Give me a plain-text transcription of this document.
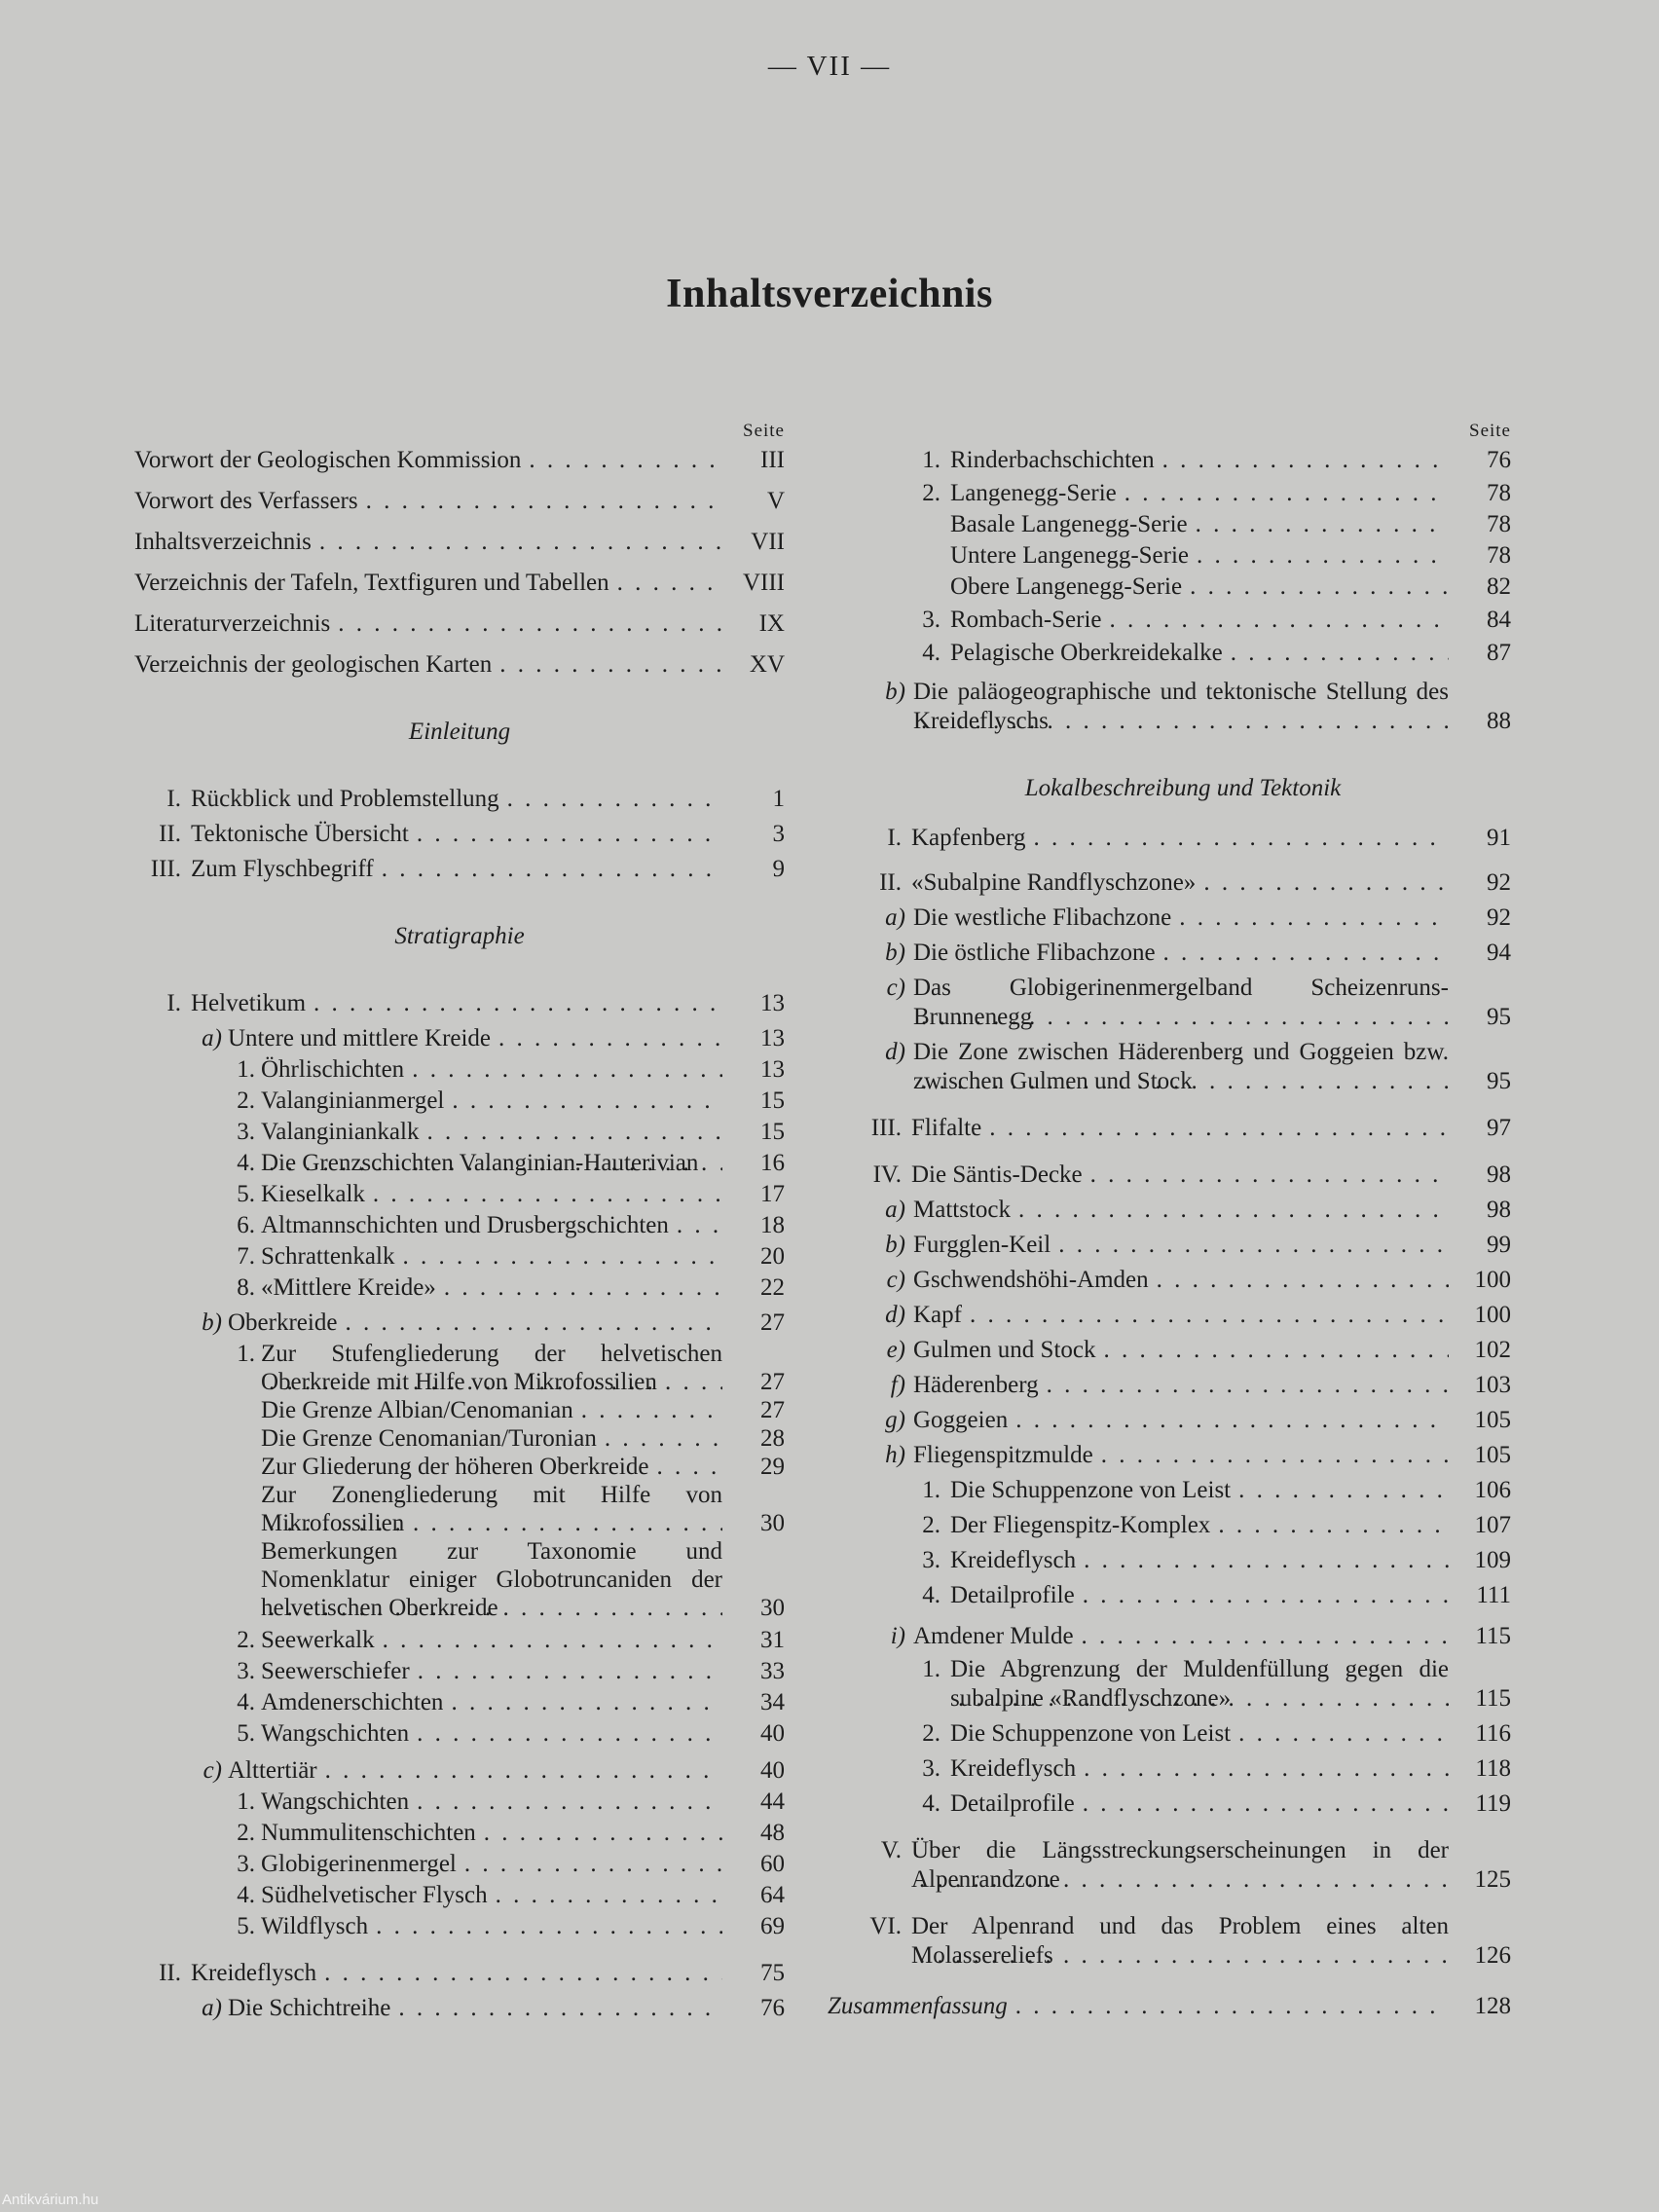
— VII —
Inhaltsverzeichnis
Seite
Vorwort der Geologischen Kommission . . .	III
Vorwort des Verfassers . . .	V
Inhaltsverzeichnis . . .	VII
Verzeichnis der Tafeln, Textfiguren und Tabellen . . .	VIII
Literaturverzeichnis . . .	IX
Verzeichnis der geologischen Karten . . .	XV
Einleitung
I. Rückblick und Problemstellung . . .	1
II. Tektonische Übersicht . . .	3
III. Zum Flyschbegriff . . .	9
Stratigraphie
I. Helvetikum . . .	13
a) Untere und mittlere Kreide . . .	13
1. Öhrlischichten . . .	13
2. Valanginianmergel . . .	15
3. Valanginiankalk . . .	15
4. Die Grenzschichten Valanginian-Hauterivian
. . .	16
5. Kieselkalk . . .	17
6. Altmannschichten und Drusbergschichten . . .	18
7. Schrattenkalk . . .	20
8. «Mittlere Kreide» . . .	22
b) Oberkreide . . .	27
1. Zur Stufengliederung der helvetischen Oberkreide mit Hilfe von Mikrofossilien
. . .	27
Die Grenze Albian/Cenomanian . . .	27
Die Grenze Cenomanian/Turonian . . .	28
Zur Gliederung der höheren Oberkreide . . .	29
Zur Zonengliederung mit Hilfe von Mikrofossilien
. . .	30
Bemerkungen zur Taxonomie und Nomenklatur einiger Globotruncaniden der helvetischen Oberkreide
. . .	30
2. Seewerkalk . . .	31
3. Seewerschiefer . . .	33
4. Amdenerschichten . . .	34
5. Wangschichten . . .	40
c) Alttertiär . . .	40
1. Wangschichten . . .	44
2. Nummulitenschichten . . .	48
3. Globigerinenmergel . . .	60
4. Südhelvetischer Flysch . . .	64
5. Wildflysch . . .	69
II. Kreideflysch . . .	75
a) Die Schichtreihe . . .	76
Seite
1. Rinderbachschichten . . .	76
2. Langenegg-Serie . . .	78
Basale Langenegg-Serie . . .	78
Untere Langenegg-Serie . . .	78
Obere Langenegg-Serie . . .	82
3. Rombach-Serie . . .	84
4. Pelagische Oberkreidekalke . . .	87
b) Die paläogeographische und tektonische Stellung des Kreideflyschs
. . .	88
Lokalbeschreibung und Tektonik
I. Kapfenberg . . .	91
II. «Subalpine Randflyschzone» . . .	92
a) Die westliche Flibachzone . . .	92
b) Die östliche Flibachzone . . .	94
c) Das Globigerinenmergelband Scheizenruns-Brunnenegg
. . .	95
d) Die Zone zwischen Häderenberg und Goggeien bzw. zwischen Gulmen und Stock
. . .	95
III. Flifalte . . .	97
IV. Die Säntis-Decke . . .	98
a) Mattstock . . .	98
b) Furgglen-Keil . . .	99
c) Gschwendshöhi-Amden . . .	100
d) Kapf . . .	100
e) Gulmen und Stock . . .	102
f) Häderenberg . . .	103
g) Goggeien . . .	105
h) Fliegenspitzmulde . . .	105
1. Die Schuppenzone von Leist . . .	106
2. Der Fliegenspitz-Komplex . . .	107
3. Kreideflysch . . .	109
4. Detailprofile . . .	111
i) Amdener Mulde . . .	115
1. Die Abgrenzung der Muldenfüllung gegen die subalpine «Randflyschzone»
. . .	115
2. Die Schuppenzone von Leist . . .	116
3. Kreideflysch . . .	118
4. Detailprofile . . .	119
V. Über die Längsstreckungserscheinungen in der Alpenrandzone
. . .	125
VI. Der Alpenrand und das Problem eines alten Molassereliefs
. . .	126
Zusammenfassung . . .	128
Antikvárium.hu
